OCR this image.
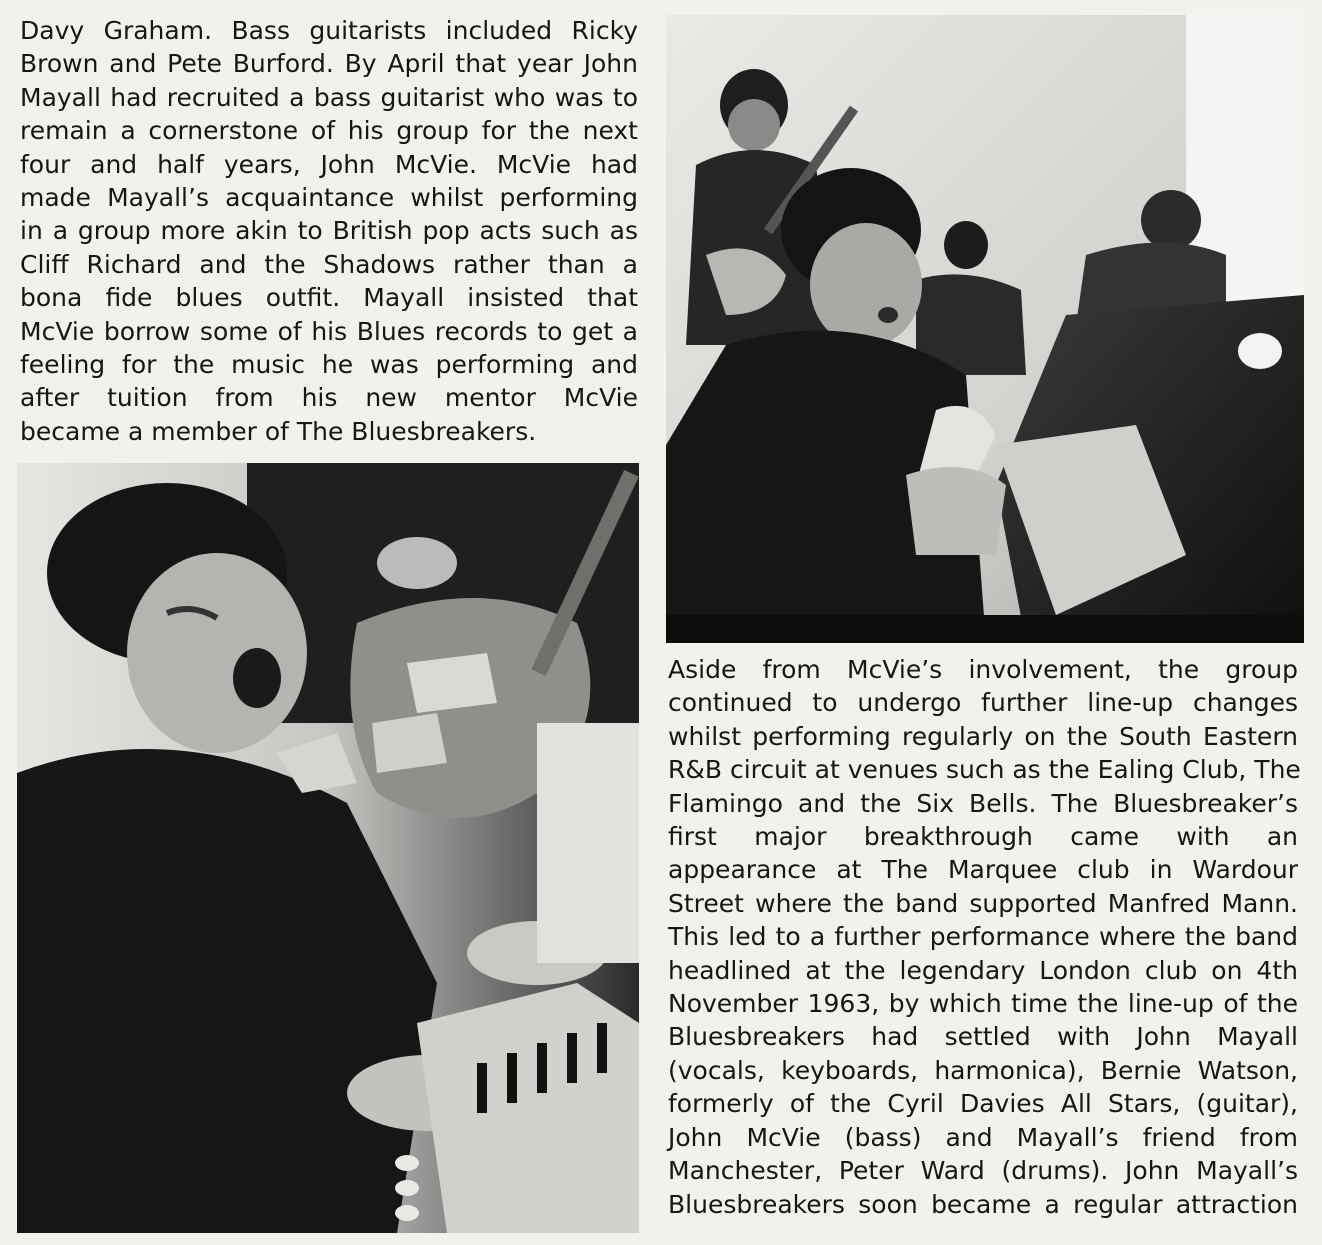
Davy Graham. Bass guitarists included Ricky
Brown and Pete Burford. By April that year John
Mayall had recruited a bass guitarist who was to
remain a cornerstone of his group for the next
four and half years, John McVie. McVie had
made Mayall’s acquaintance whilst performing
in a group more akin to British pop acts such as
Cliff Richard and the Shadows rather than a
bona fide blues outfit. Mayall insisted that
McVie borrow some of his Blues records to get a
feeling for the music he was performing and
after tuition from his new mentor McVie
became a member of The Bluesbreakers.
Aside from McVie’s involvement, the group
continued to undergo further line-up changes
whilst performing regularly on the South Eastern
R&B circuit at venues such as the Ealing Club, The
Flamingo and the Six Bells. The Bluesbreaker’s
first major breakthrough came with an
appearance at The Marquee club in Wardour
Street where the band supported Manfred Mann.
This led to a further performance where the band
headlined at the legendary London club on 4th
November 1963, by which time the line-up of the
Bluesbreakers had settled with John Mayall
(vocals, keyboards, harmonica), Bernie Watson,
formerly of the Cyril Davies All Stars, (guitar),
John McVie (bass) and Mayall’s friend from
Manchester, Peter Ward (drums). John Mayall’s
Bluesbreakers soon became a regular attraction
